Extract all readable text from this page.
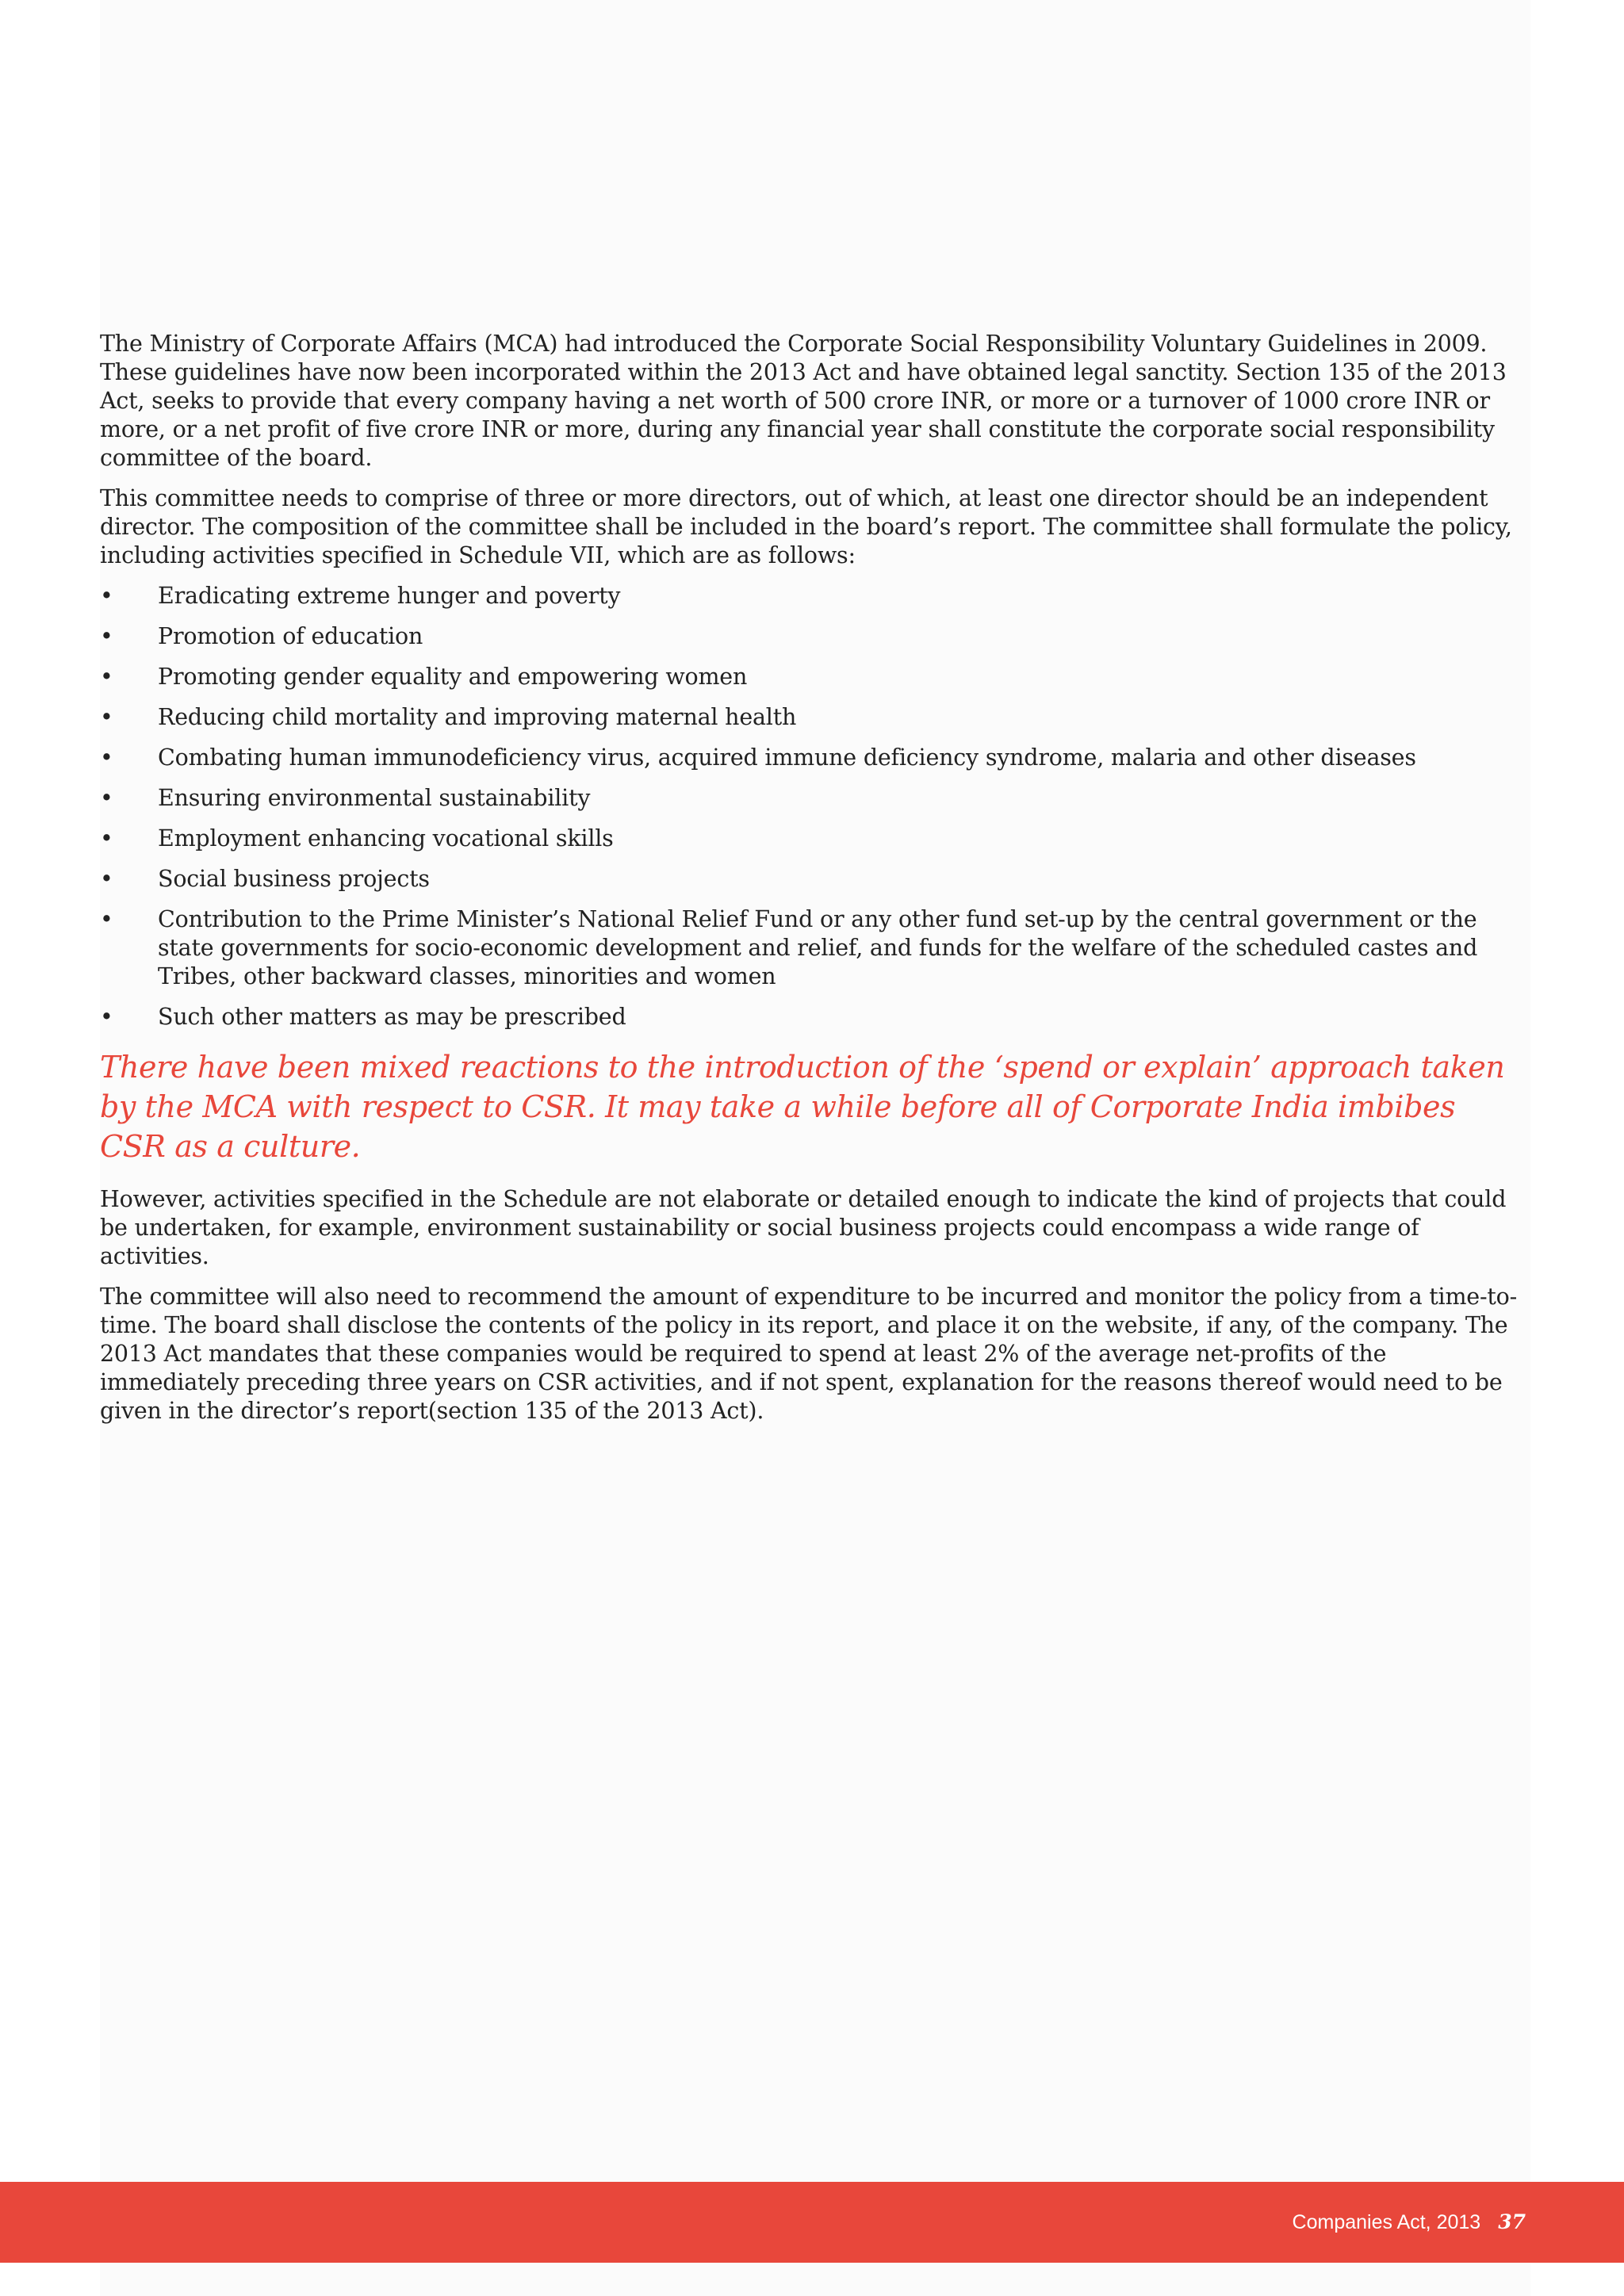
The Ministry of Corporate Affairs (MCA) had introduced the Corporate Social Responsibility Voluntary Guidelines in 2009. These guidelines have now been incorporated within the 2013 Act and have obtained legal sanctity. Section 135 of the 2013 Act, seeks to provide that every company having a net worth of 500 crore INR, or more or a turnover of 1000 crore INR or more, or a net profit of five crore INR or more, during any financial year shall constitute the corporate social responsibility committee of the board.

This committee needs to comprise of three or more directors, out of which, at least one director should be an independent director. The composition of the committee shall be included in the board’s report. The committee shall formulate the policy, including activities specified in Schedule VII, which are as follows:

• Eradicating extreme hunger and poverty
• Promotion of education
• Promoting gender equality and empowering women
• Reducing child mortality and improving maternal health
• Combating human immunodeficiency virus, acquired immune deficiency syndrome, malaria and other diseases
• Ensuring environmental sustainability
• Employment enhancing vocational skills
• Social business projects
• Contribution to the Prime Minister’s National Relief Fund or any other fund set-up by the central government or the state governments for socio-economic development and relief, and funds for the welfare of the scheduled castes and Tribes, other backward classes, minorities and women
• Such other matters as may be prescribed

There have been mixed reactions to the introduction of the ‘spend or explain’ approach taken by the MCA with respect to CSR. It may take a while before all of Corporate India imbibes CSR as a culture.

However, activities specified in the Schedule are not elaborate or detailed enough to indicate the kind of projects that could be undertaken, for example, environment sustainability or social business projects could encompass a wide range of activities.

The committee will also need to recommend the amount of expenditure to be incurred and monitor the policy from a time-to-time. The board shall disclose the contents of the policy in its report, and place it on the website, if any, of the company. The 2013 Act mandates that these companies would be required to spend at least 2% of the average net-profits of the immediately preceding three years on CSR activities, and if not spent, explanation for the reasons thereof would need to be given in the director’s report(section 135 of the 2013 Act).

Companies Act, 2013 37
